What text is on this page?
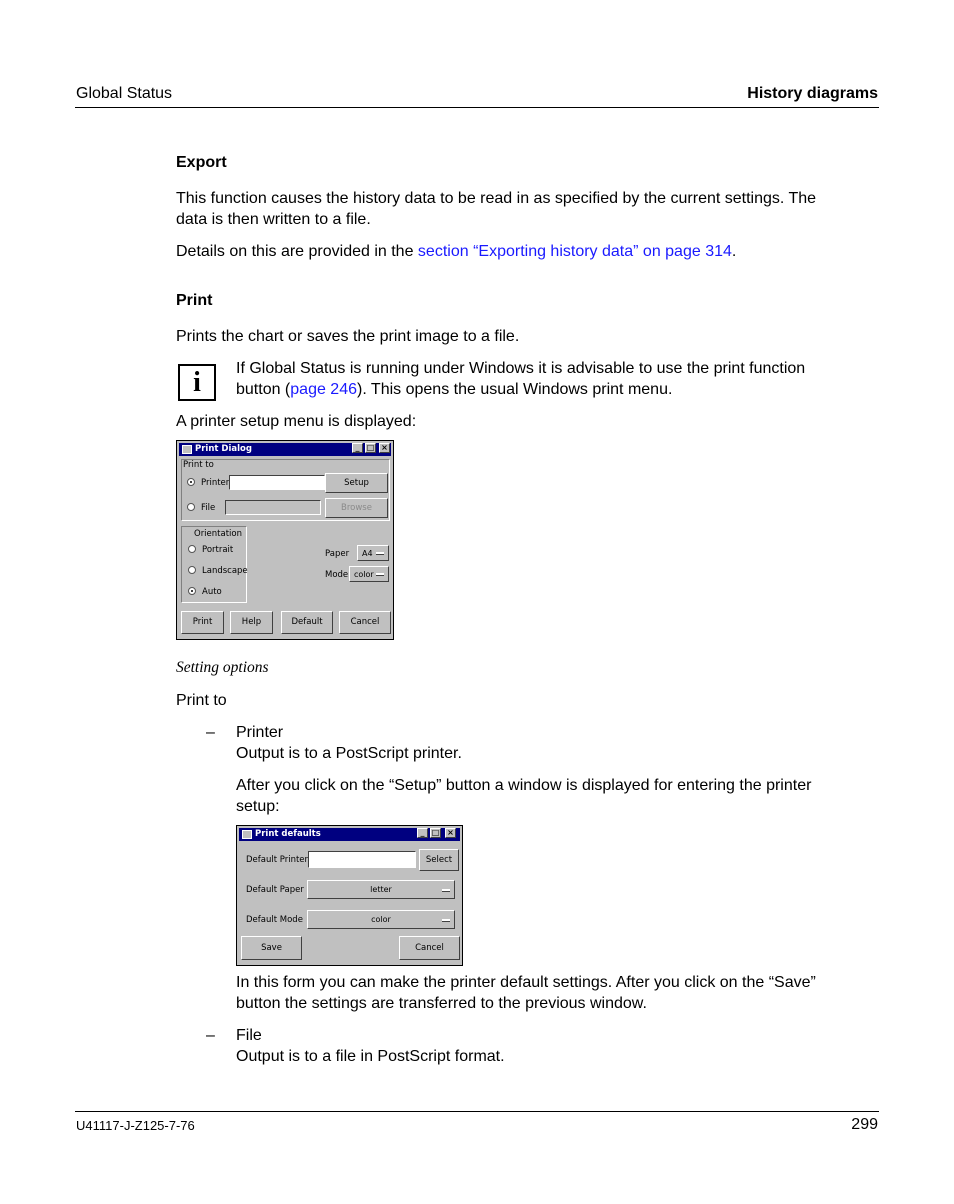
Global Status	History diagrams
Export
This function causes the history data to be read in as specified by the current settings. The
data is then written to a file.
Details on this are provided in the section “Exporting history data” on page 314.
Print
Prints the chart or saves the print image to a file.
i	If Global Status is running under Windows it is advisable to use the print function
button (page 246). This opens the usual Windows print menu.
A printer setup menu is displayed:
Print Dialog	_ □ ×
Print to
Printer	Setup
File	Browse
Orientation
Portrait
Landscape
Auto
Paper A4
Mode color
Print	Help	Default	Cancel
Setting options
Print to
– Printer
Output is to a PostScript printer.
After you click on the “Setup” button a window is displayed for entering the printer
setup:
Print defaults	_ □ ×
Default Printer	Select
Default Paper	letter
Default Mode	color
Save	Cancel
In this form you can make the printer default settings. After you click on the “Save”
button the settings are transferred to the previous window.
– File
Output is to a file in PostScript format.
U41117-J-Z125-7-76	299
